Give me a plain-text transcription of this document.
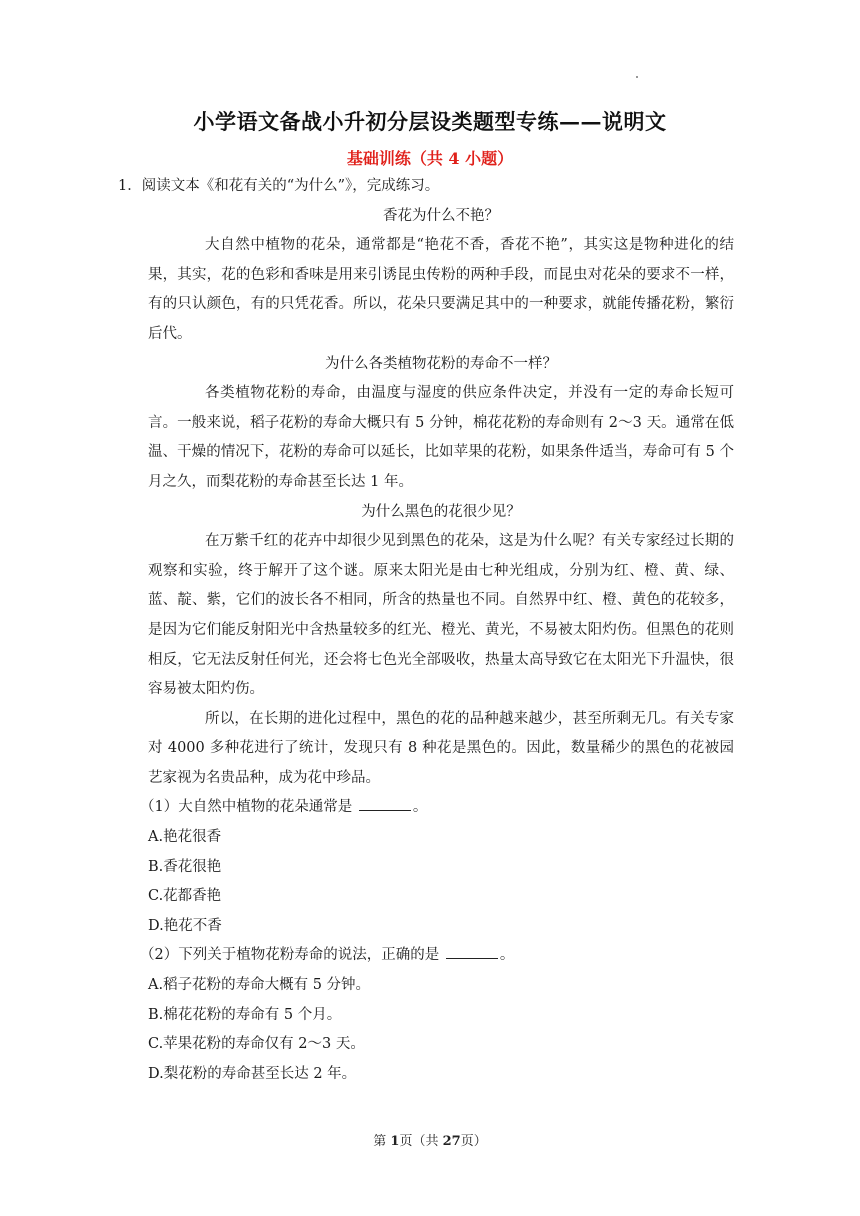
小学语文备战小升初分层设类题型专练——说明文
基础训练（共 4 小题）
1．阅读文本《和花有关的“为什么”》，完成练习。
香花为什么不艳？
大自然中植物的花朵，通常都是“艳花不香，香花不艳”，其实这是物种进化的结果，其实，花的色彩和香味是用来引诱昆虫传粉的两种手段，而昆虫对花朵的要求不一样，有的只认颜色，有的只凭花香。所以，花朵只要满足其中的一种要求，就能传播花粉，繁衍后代。
为什么各类植物花粉的寿命不一样？
各类植物花粉的寿命，由温度与湿度的供应条件决定，并没有一定的寿命长短可言。一般来说，稻子花粉的寿命大概只有 5 分钟，棉花花粉的寿命则有 2～3 天。通常在低温、干燥的情况下，花粉的寿命可以延长，比如苹果的花粉，如果条件适当，寿命可有 5 个月之久，而梨花粉的寿命甚至长达 1 年。
为什么黑色的花很少见？
在万紫千红的花卉中却很少见到黑色的花朵，这是为什么呢？有关专家经过长期的观察和实验，终于解开了这个谜。原来太阳光是由七种光组成，分别为红、橙、黄、绿、蓝、靛、紫，它们的波长各不相同，所含的热量也不同。自然界中红、橙、黄色的花较多，是因为它们能反射阳光中含热量较多的红光、橙光、黄光，不易被太阳灼伤。但黑色的花则相反，它无法反射任何光，还会将七色光全部吸收，热量太高导致它在太阳光下升温快，很容易被太阳灼伤。
所以，在长期的进化过程中，黑色的花的品种越来越少，甚至所剩无几。有关专家对 4000 多种花进行了统计，发现只有 8 种花是黑色的。因此，数量稀少的黑色的花被园艺家视为名贵品种，成为花中珍品。
（1）大自然中植物的花朵通常是	。
A.艳花很香
B.香花很艳
C.花都香艳
D.艳花不香
（2）下列关于植物花粉寿命的说法，正确的是	。
A.稻子花粉的寿命大概有 5 分钟。
B.棉花花粉的寿命有 5 个月。
C.苹果花粉的寿命仅有 2～3 天。
D.梨花粉的寿命甚至长达 2 年。
第 1页（共 27页）
